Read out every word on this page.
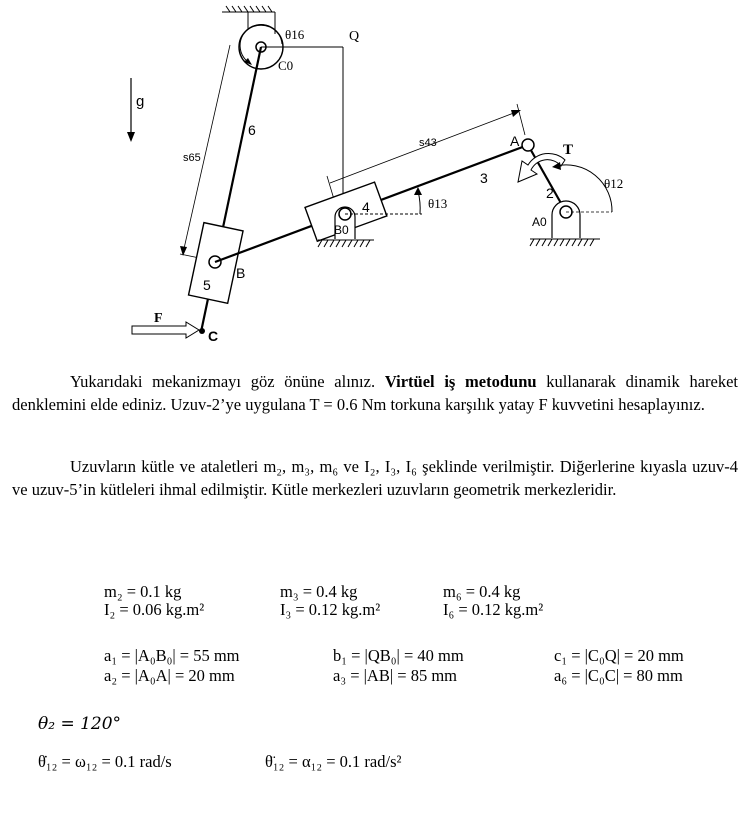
θ16	Q
C0
g
6
s65
B
5
C
F
3
s43
4
B0
θ13
A
2
T
A0
θ12

Yukarıdaki mekanizmayı göz önüne alınız. Virtüel iş metodunu kullanarak dinamik hareket denklemini elde ediniz. Uzuv-2’ye uygulana T = 0.6 Nm torkuna karşılık yatay F kuvvetini hesaplayınız.

Uzuvların kütle ve ataletleri m₂, m₃, m₆ ve I₂, I₃, I₆ şeklinde verilmiştir. Diğerlerine kıyasla uzuv-4 ve uzuv-5’in kütleleri ihmal edilmiştir. Kütle merkezleri uzuvların geometrik merkezleridir.

m₂ = 0.1 kg
I₂ = 0.06 kg.m²
m₃ = 0.4 kg
I₃ = 0.12 kg.m²
m₆ = 0.4 kg
I₆ = 0.12 kg.m²
a₁ = |A₀B₀| = 55 mm
a₂ = |A₀A| = 20 mm
b₁ = |QB₀| = 40 mm
a₃ = |AB| = 85 mm
c₁ = |C₀Q| = 20 mm
a₆ = |C₀C| = 80 mm
θ₂ = 120°
θ̇₁₂ = ω₁₂ = 0.1 rad/s	θ̈₁₂ = α₁₂ = 0.1 rad/s²
